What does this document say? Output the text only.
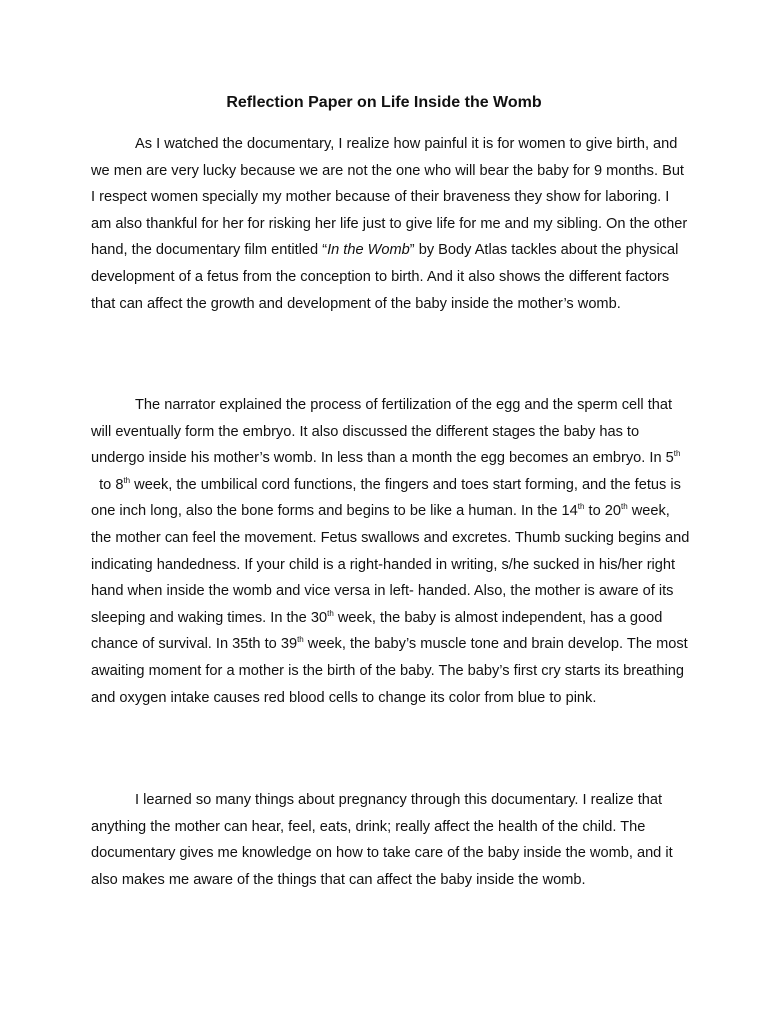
Reflection Paper on Life Inside the Womb

As I watched the documentary, I realize how painful it is for women to give birth, and we men are very lucky because we are not the one who will bear the baby for 9 months. But I respect women specially my mother because of their braveness they show for laboring. I am also thankful for her for risking her life just to give life for me and my sibling. On the other hand, the documentary film entitled “In the Womb” by Body Atlas tackles about the physical development of a fetus from the conception to birth. And it also shows the different factors that can affect the growth and development of the baby inside the mother’s womb.

The narrator explained the process of fertilization of the egg and the sperm cell that will eventually form the embryo. It also discussed the different stages the baby has to undergo inside his mother’s womb. In less than a month the egg becomes an embryo. In 5th  to 8th week, the umbilical cord functions, the fingers and toes start forming, and the fetus is one inch long, also the bone forms and begins to be like a human. In the 14th to 20th week, the mother can feel the movement. Fetus swallows and excretes. Thumb sucking begins and indicating handedness. If your child is a right-handed in writing, s/he sucked in his/her right hand when inside the womb and vice versa in left- handed. Also, the mother is aware of its sleeping and waking times. In the 30th week, the baby is almost independent, has a good chance of survival. In 35th to 39th week, the baby’s muscle tone and brain develop. The most awaiting moment for a mother is the birth of the baby. The baby’s first cry starts its breathing and oxygen intake causes red blood cells to change its color from blue to pink.

I learned so many things about pregnancy through this documentary. I realize that anything the mother can hear, feel, eats, drink; really affect the health of the child. The documentary gives me knowledge on how to take care of the baby inside the womb, and it also makes me aware of the things that can affect the baby inside the womb.
